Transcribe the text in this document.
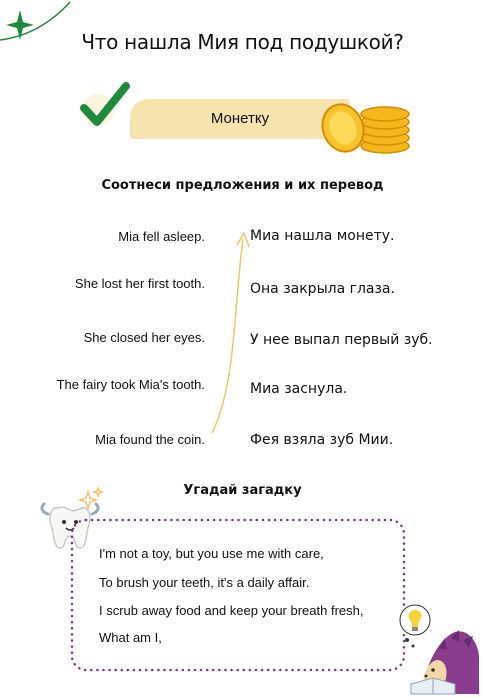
Что нашла Мия под подушкой?
Монетку
Соотнеси предложения и их перевод
Mia fell asleep.
She lost her first tooth.
She closed her eyes.
The fairy took Mia's tooth.
Mia found the coin.
Миа нашла монету.
Она закрыла глаза.
У нее выпал первый зуб.
Миа заснула.
Фея взяла зуб Мии.
Угадай загадку
I'm not a toy, but you use me with care,
To brush your teeth, it's a daily affair.
I scrub away food and keep your breath fresh,
What am I,
